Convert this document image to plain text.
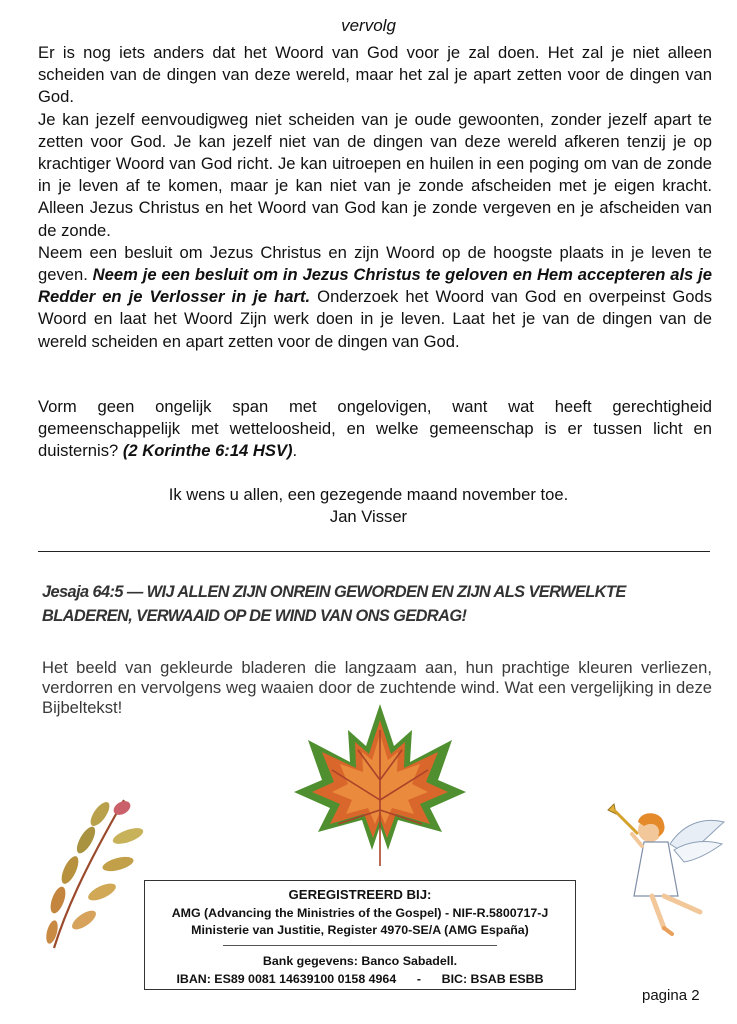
vervolg

Er is nog iets anders dat het Woord van God voor je zal doen. Het zal je niet alleen scheiden van de dingen van deze wereld, maar het zal je apart zetten voor de dingen van God.

Je kan jezelf eenvoudigweg niet scheiden van je oude gewoonten, zonder jezelf apart te zetten voor God. Je kan jezelf niet van de dingen van deze wereld afkeren tenzij je op krachtiger Woord van God richt. Je kan uitroepen en huilen in een poging om van de zonde in je leven af te komen, maar je kan niet van je zonde afscheiden met je eigen kracht. Alleen Jezus Christus en het Woord van God kan je zonde vergeven en je afscheiden van de zonde.

Neem een besluit om Jezus Christus en zijn Woord op de hoogste plaats in je leven te geven. Neem je een besluit om in Jezus Christus te geloven en Hem accepteren als je Redder en je Verlosser in je hart. Onderzoek het Woord van God en overpeinst Gods Woord en laat het Woord Zijn werk doen in je leven. Laat het je van de dingen van de wereld scheiden en apart zetten voor de dingen van God.

Vorm geen ongelijk span met ongelovigen, want wat heeft gerechtigheid gemeenschappelijk met wetteloosheid, en welke gemeenschap is er tussen licht en duisternis? (2 Korinthe 6:14 HSV).

Ik wens u allen, een gezegende maand november toe.
Jan Visser
Jesaja 64:5 — WIJ ALLEN ZIJN ONREIN GEWORDEN EN ZIJN ALS VERWELKTE BLADEREN, VERWAAID OP DE WIND VAN ONS GEDRAG!
Het beeld van gekleurde bladeren die langzaam aan, hun prachtige kleuren verliezen, verdorren en vervolgens weg waaien door de zuchtende wind. Wat een vergelijking in deze Bijbeltekst!
GEREGISTREERD BIJ:
AMG (Advancing the Ministries of the Gospel) - NIF-R.5800717-J
Ministerie van Justitie, Register 4970-SE/A (AMG España)
Bank gegevens: Banco Sabadell.
IBAN: ES89 0081 14639100 0158 4964      -      BIC: BSAB ESBB
pagina 2
